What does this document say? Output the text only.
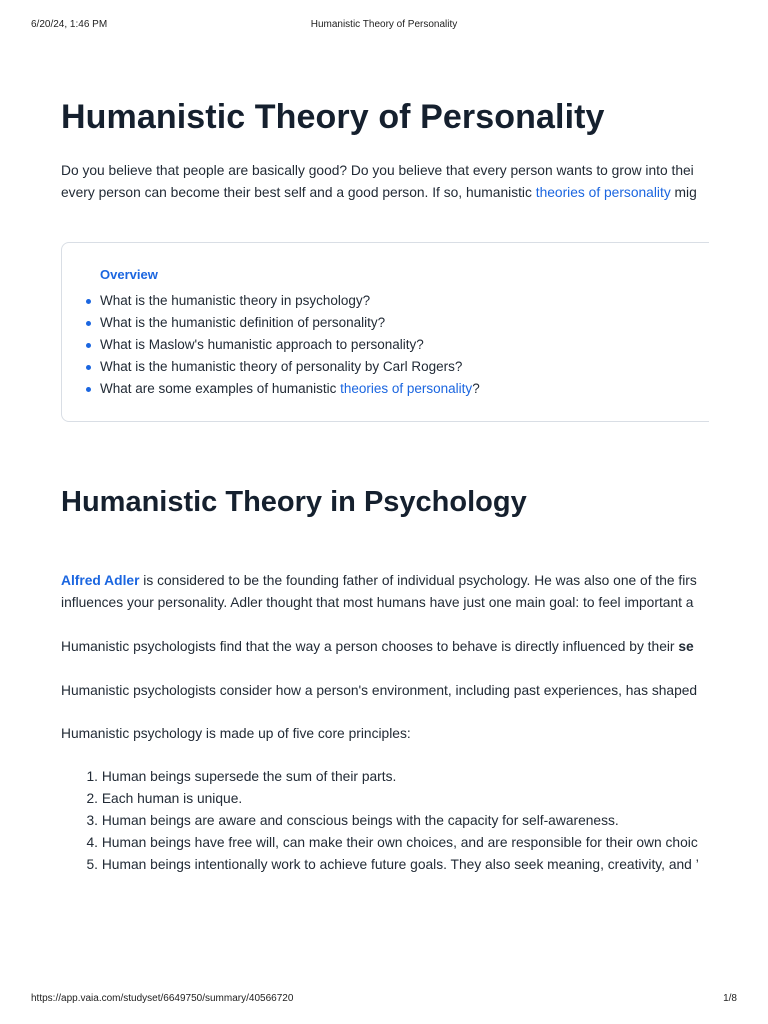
6/20/24, 1:46 PM	Humanistic Theory of Personality
Humanistic Theory of Personality

Do you believe that people are basically good? Do you believe that every person wants to grow into thei
every person can become their best self and a good person. If so, humanistic theories of personality mig

Overview
What is the humanistic theory in psychology?
What is the humanistic definition of personality?
What is Maslow's humanistic approach to personality?
What is the humanistic theory of personality by Carl Rogers?
What are some examples of humanistic theories of personality?
Humanistic Theory in Psychology

Alfred Adler is considered to be the founding father of individual psychology. He was also one of the firs
influences your personality. Adler thought that most humans have just one main goal: to feel important a

Humanistic psychologists find that the way a person chooses to behave is directly influenced by their se

Humanistic psychologists consider how a person's environment, including past experiences, has shaped

Humanistic psychology is made up of five core principles:

1. Human beings supersede the sum of their parts.
2. Each human is unique.
3. Human beings are aware and conscious beings with the capacity for self-awareness.
4. Human beings have free will, can make their own choices, and are responsible for their own choic
5. Human beings intentionally work to achieve future goals. They also seek meaning, creativity, and ’
https://app.vaia.com/studyset/6649750/summary/40566720	1/8
